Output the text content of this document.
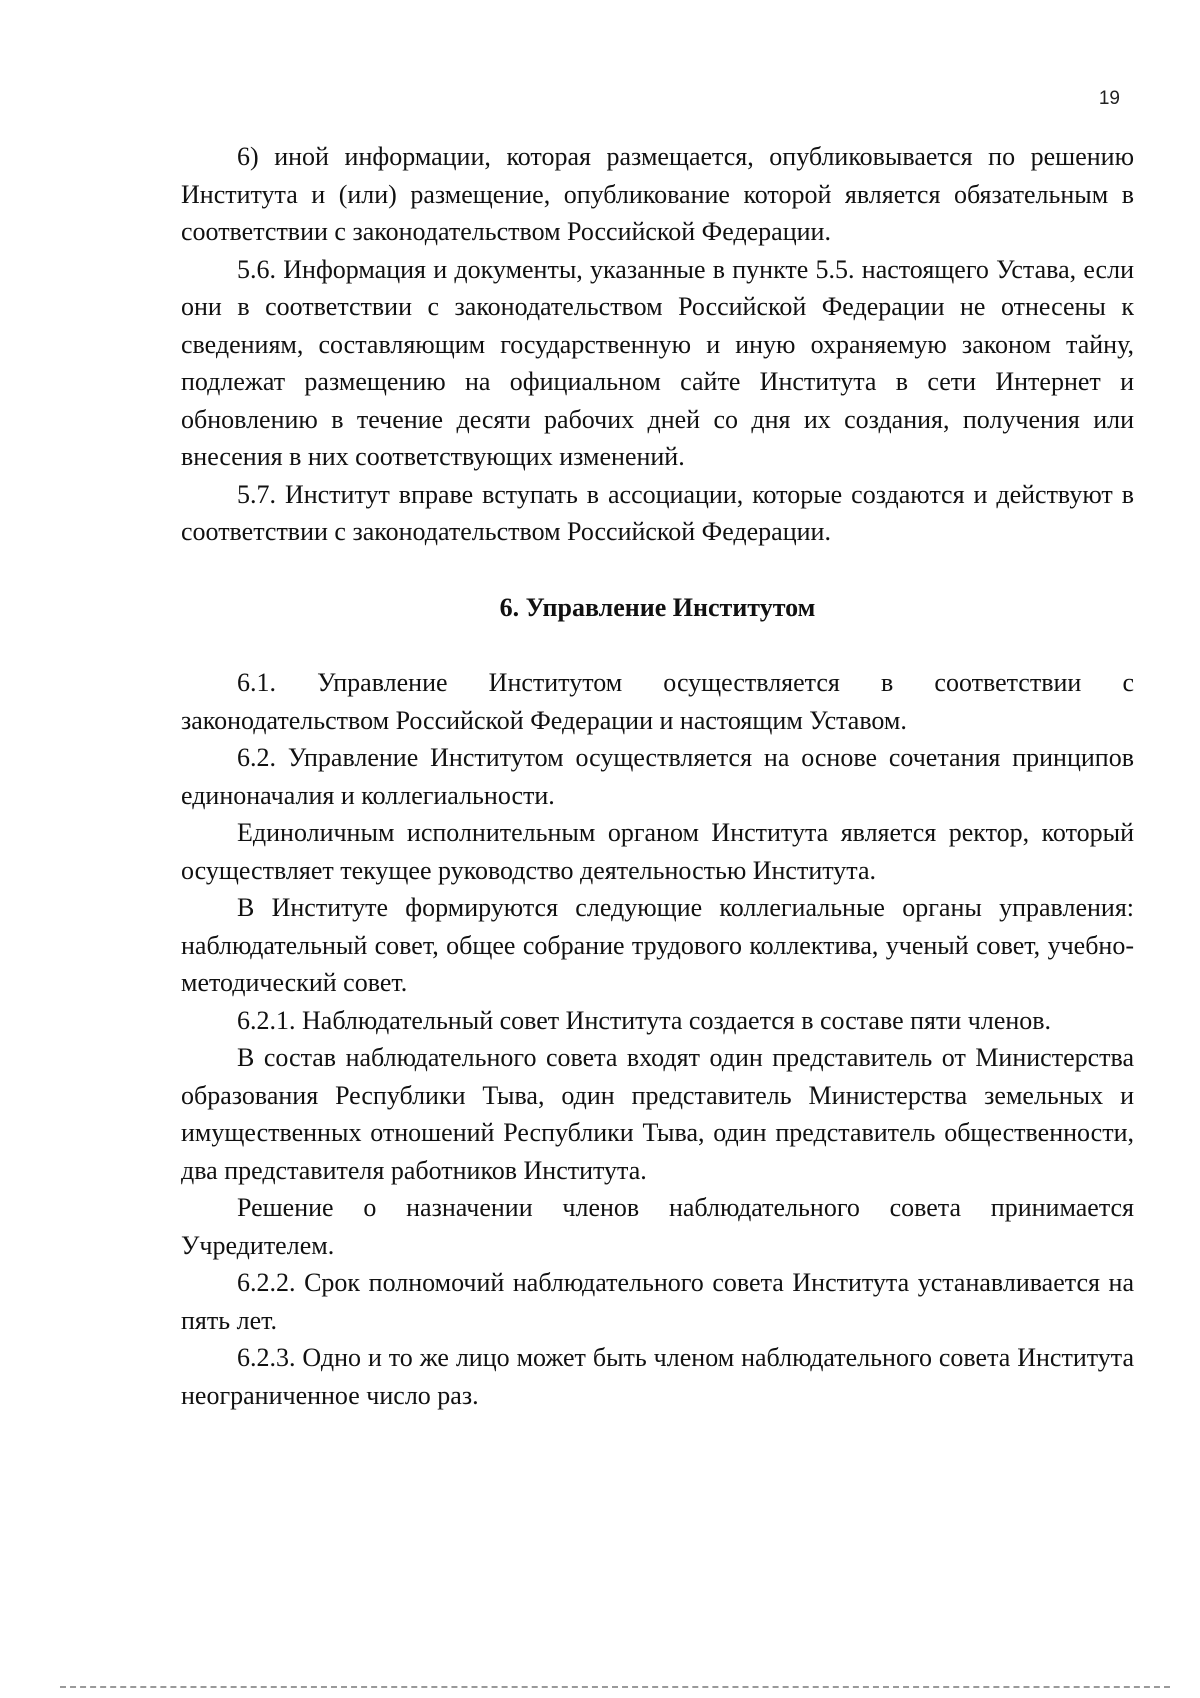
19

6) иной информации, которая размещается, опубликовывается по решению Института и (или) размещение, опубликование которой является обязательным в соответствии с законодательством Российской Федерации.

5.6. Информация и документы, указанные в пункте 5.5. настоящего Устава, если они в соответствии с законодательством Российской Федерации не отнесены к сведениям, составляющим государственную и иную охраняемую законом тайну, подлежат размещению на официальном сайте Института в сети Интернет и обновлению в течение десяти рабочих дней со дня их создания, получения или внесения в них соответствующих изменений.

5.7. Институт вправе вступать в ассоциации, которые создаются и действуют в соответствии с законодательством Российской Федерации.

6. Управление Институтом

6.1. Управление Институтом осуществляется в соответствии с законодательством Российской Федерации и настоящим Уставом.

6.2. Управление Институтом осуществляется на основе сочетания принципов единоначалия и коллегиальности.

Единоличным исполнительным органом Института является ректор, который осуществляет текущее руководство деятельностью Института.

В Институте формируются следующие коллегиальные органы управления: наблюдательный совет, общее собрание трудового коллектива, ученый совет, учебно-методический совет.

6.2.1. Наблюдательный совет Института создается в составе пяти членов.

В состав наблюдательного совета входят один представитель от Министерства образования Республики Тыва, один представитель Министерства земельных и имущественных отношений Республики Тыва, один представитель общественности, два представителя работников Института.

Решение о назначении членов наблюдательного совета принимается Учредителем.

6.2.2. Срок полномочий наблюдательного совета Института устанавливается на пять лет.

6.2.3. Одно и то же лицо может быть членом наблюдательного совета Института неограниченное число раз.
